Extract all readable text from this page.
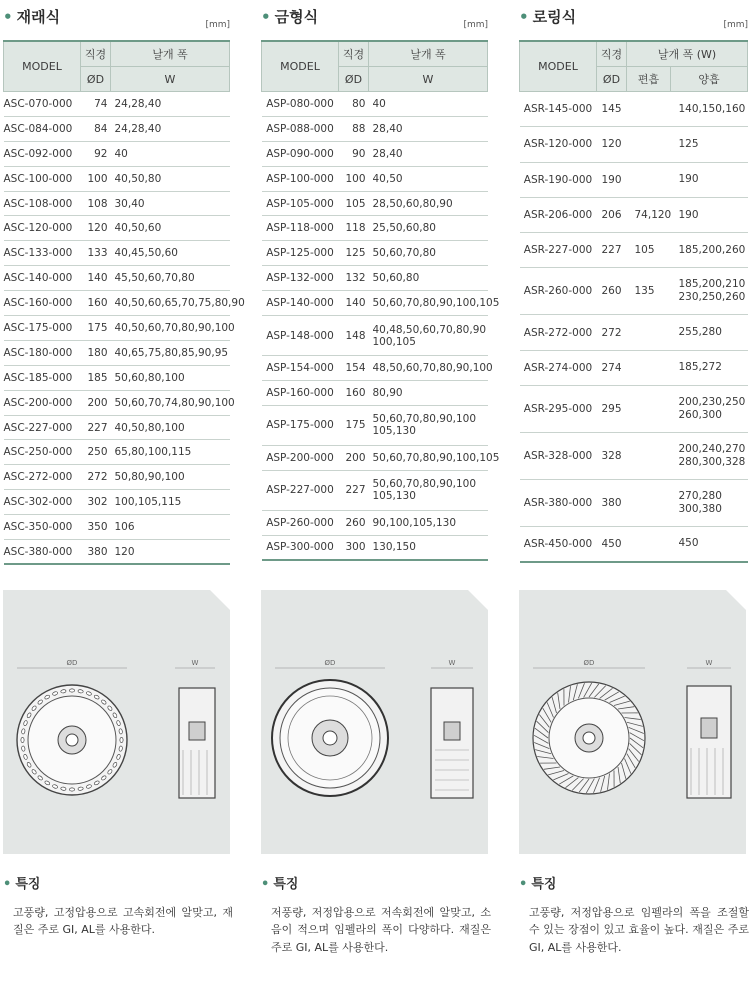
• 재래식	[mm]
MODEL	직경	날개 폭
	ØD	W
ASC-070-000	74	24,28,40
ASC-084-000	84	24,28,40
ASC-092-000	92	40
ASC-100-000	100	40,50,80
ASC-108-000	108	30,40
ASC-120-000	120	40,50,60
ASC-133-000	133	40,45,50,60
ASC-140-000	140	45,50,60,70,80
ASC-160-000	160	40,50,60,65,70,75,80,90
ASC-175-000	175	40,50,60,70,80,90,100
ASC-180-000	180	40,65,75,80,85,90,95
ASC-185-000	185	50,60,80,100
ASC-200-000	200	50,60,70,74,80,90,100
ASC-227-000	227	40,50,80,100
ASC-250-000	250	65,80,100,115
ASC-272-000	272	50,80,90,100
ASC-302-000	302	100,105,115
ASC-350-000	350	106
ASC-380-000	380	120
• 금형식	[mm]
MODEL	직경	날개 폭
	ØD	W
ASP-080-000	80	40
ASP-088-000	88	28,40
ASP-090-000	90	28,40
ASP-100-000	100	40,50
ASP-105-000	105	28,50,60,80,90
ASP-118-000	118	25,50,60,80
ASP-125-000	125	50,60,70,80
ASP-132-000	132	50,60,80
ASP-140-000	140	50,60,70,80,90,100,105
ASP-148-000	148	40,48,50,60,70,80,90 100,105
ASP-154-000	154	48,50,60,70,80,90,100
ASP-160-000	160	80,90
ASP-175-000	175	50,60,70,80,90,100 105,130
ASP-200-000	200	50,60,70,80,90,100,105
ASP-227-000	227	50,60,70,80,90,100 105,130
ASP-260-000	260	90,100,105,130
ASP-300-000	300	130,150
• 로링식	[mm]
MODEL	직경	날개 폭 (W)	
	ØD	편흡	양흡
ASR-145-000	145		140,150,160
ASR-120-000	120		125
ASR-190-000	190		190
ASR-206-000	206	74,120	190
ASR-227-000	227	105	185,200,260
ASR-260-000	260	135	185,200,210 230,250,260
ASR-272-000	272		255,280
ASR-274-000	274		185,272
ASR-295-000	295		200,230,250 260,300
ASR-328-000	328		200,240,270 280,300,328
ASR-380-000	380		270,280 300,380
ASR-450-000	450		450
ØD	W	ØD	W	ØD	W
• 특징

고풍량, 고정압용으로 고속회전에 알맞고, 재질은 주로 GI, AL를 사용한다.

• 특징

저풍량, 저정압용으로 저속회전에 알맞고, 소음이 적으며 임펠라의 폭이 다양하다. 재질은 주로 GI, AL를 사용한다.

• 특징

고풍량, 저정압용으로 임펠라의 폭을 조절할 수 있는 장점이 있고 효율이 높다. 재질은 주로 GI, AL를 사용한다.
